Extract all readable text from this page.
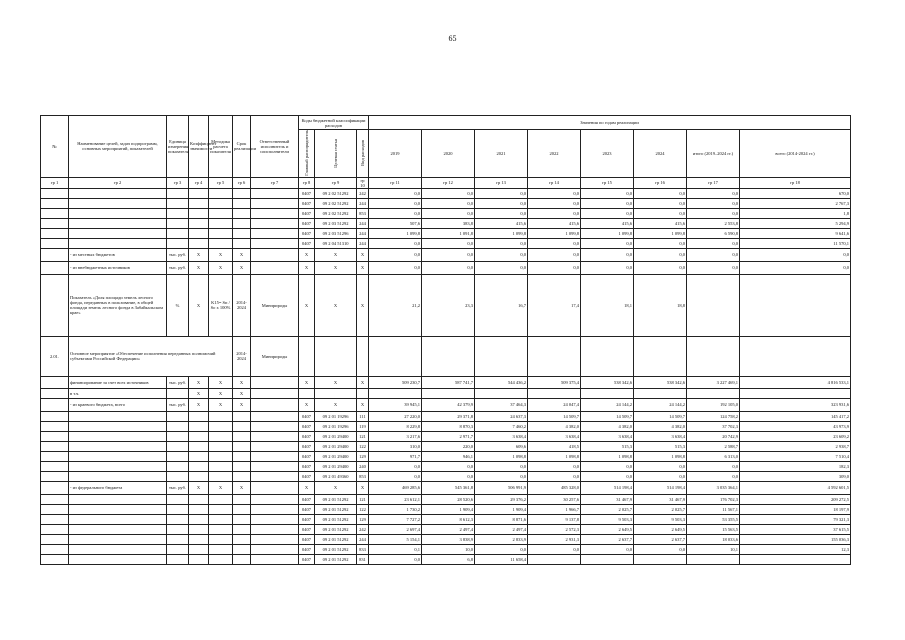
65
№	Наименование целей, задач подпрограмм, основных мероприятий, показателей	Единица измерения показателя	Коэффициент значимости	Методика расчета показателя	Срок реализации	Ответственный исполнитель и соисполнители	Коды бюджетной классификации расходов			Значения по годам реализации							
							Главный распорядитель	Целевая статья	Вид расходов	2019	2020	2021	2022	2023	2024	итого (2019–2024 гг.)	всего (2014-2024 гг.)
гр 1	гр 2	гр 3	гр 4	гр 5	гр 6	гр 7	гр 8	гр 9	гр 10	гр 11	гр 12	гр 13	гр 14	гр 15	гр 16	гр 17	гр 18
							0407	09 2 02 51292	242	0,0	0,0	0,0	0,0	0,0	0,0	0,0	670,0
							0407	09 2 02 51292	244	0,0	0,0	0,0	0,0	0,0	0,0	0,0	2 767,3
							0407	09 2 02 51292	853	0,0	0,0	0,0	0,0	0,0	0,0	0,0	1,8
							0407	09 2 03 51292	244	507,6	383,8	415,6	415,6	415,6	415,6	2 553,8	5 294,9
							0407	09 2 03 51296	244	1 099,8	1 091,8	1 099,8	1 099,8	1 099,8	1 099,8	6 590,8	9 641,6
							0407	09 2 04 51310	244	0,0	0,0	0,0	0,0	0,0	0,0	0,0	11 570,1
	- из местных бюджетов	тыс. руб.	Х	Х	Х		Х	Х	Х	0,0	0,0	0,0	0,0	0,0	0,0	0,0	0,0
	- из внебюджетных источников	тыс. руб.	Х	Х	Х		Х	Х	Х	0,0	0,0	0,0	0,0	0,0	0,0	0,0	0,0
	Показатель «Доля площади земель лесного фонда, переданных в пользование, в общей площади земель лесного фонда в Забайкальском крае»	%	Х	K15= Sп / Sо x 100%	2014-2024	Минприроды	Х	Х	Х	21,2	23,3	16,7	17,4	18,1	18,8		
2.01.	Основное мероприятие «Обеспечение исполнения переданных полномочий субъектами Российской Федерации»				2014-2024	Минприроды											
	финансирование за счет всех источников	тыс. руб.	Х	Х	Х		Х	Х	Х	509 230,7	587 741,7	544 436,2	509 375,4	538 342,6	538 342,6	3 227 469,1	4 816 533,1
	в т.ч.		Х	Х	Х												
	- из краевого бюджета, всего	тыс. руб.	Х	Х	Х		Х	Х	Х	39 945,1	42 379,9	37 464,3	24 047,4	24 144,2	24 144,2	192 105,0	323 931,6
							0407	09 2 01 19296	111	27 220,0	29 371,8	24 637,3	14 509,7	14 509,7	14 509,7	124 758,2	145 417,2
							0407	09 2 01 19296	119	8 229,8	8 870,3	7 460,2	4 382,0	4 382,0	4 382,0	37 702,3	43 973,9
							0407	09 2 01 29400	121	3 217,6	2 971,7	3 638,4	3 638,4	3 638,4	3 638,4	20 742,9	23 609,2
							0407	09 2 01 29400	122	310,0	220,0	609,6	418,5	515,3	515,3	2 588,7	2 938,7
							0407	09 2 01 29400	129	971,7	946,1	1 098,8	1 098,8	1 098,8	1 098,8	6 313,0	7 510,4
							0407	09 2 01 29400	240	0,0	0,0	0,0	0,0	0,0	0,0	0,0	182,3
							0407	09 2 01 49360	853	0,0	0,0	0,0	0,0	0,0	0,0	0,0	309,0
	- из федерального бюджета	тыс. руб.	Х	Х	Х		Х	Х	Х	469 285,6	545 361,8	506 991,9	485 328,0	514 198,4	514 198,4	3 035 364,1	4 592 601,5
							0407	09 2 01 51292	121	23 612,1	28 520,6	29 376,2	30 257,6	31 467,9	31 467,9	176 702,3	209 272,5
							0407	09 2 01 51292	122	1 730,2	1 909,4	1 909,4	1 966,7	2 025,7	2 025,7	11 567,1	18 197,9
							0407	09 2 01 51292	129	7 727,2	8 612,3	8 871,6	9 137,8	9 503,3	9 503,3	53 355,5	79 321,3
							0407	09 2 01 51292	242	2 697,4	2 497,4	2 497,4	2 572,3	2 649,5	2 649,5	15 563,5	37 615,5
							0407	09 2 01 51292	244	5 154,1	3 838,9	2 833,9	2 931,3	2 637,7	2 637,7	18 033,6	155 036,3
							0407	09 2 01 51292	833	0,1	10,0	0,0	0,0	0,0	0,0	10,1	12,3
							0407	09 2 01 51292	831	0,0	6,8	11 658,4					
